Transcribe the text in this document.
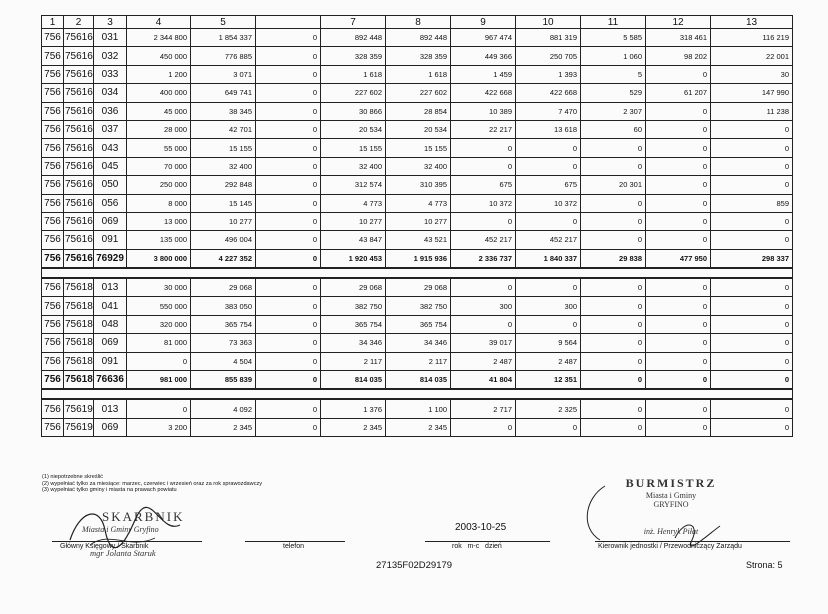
1	2	3	4	5		7	8	9	10	11	12	13
756	75616	031	2 344 800	1 854 337	0	892 448	892 448	967 474	881 319	5 585	318 461	116 219
756	75616	032	450 000	776 885	0	328 359	328 359	449 366	250 705	1 060	98 202	22 001
756	75616	033	1 200	3 071	0	1 618	1 618	1 459	1 393	5	0	30
756	75616	034	400 000	649 741	0	227 602	227 602	422 668	422 668	529	61 207	147 990
756	75616	036	45 000	38 345	0	30 866	28 854	10 389	7 470	2 307	0	11 238
756	75616	037	28 000	42 701	0	20 534	20 534	22 217	13 618	60	0	0
756	75616	043	55 000	15 155	0	15 155	15 155	0	0	0	0	0
756	75616	045	70 000	32 400	0	32 400	32 400	0	0	0	0	0
756	75616	050	250 000	292 848	0	312 574	310 395	675	675	20 301	0	0
756	75616	056	8 000	15 145	0	4 773	4 773	10 372	10 372	0	0	859
756	75616	069	13 000	10 277	0	10 277	10 277	0	0	0	0	0
756	75616	091	135 000	496 004	0	43 847	43 521	452 217	452 217	0	0	0
756	75616	76929	3 800 000	4 227 352	0	1 920 453	1 915 936	2 336 737	1 840 337	29 838	477 950	298 337

756	75618	013	30 000	29 068	0	29 068	29 068	0	0	0	0	0
756	75618	041	550 000	383 050	0	382 750	382 750	300	300	0	0	0
756	75618	048	320 000	365 754	0	365 754	365 754	0	0	0	0	0
756	75618	069	81 000	73 363	0	34 346	34 346	39 017	9 564	0	0	0
756	75618	091	0	4 504	0	2 117	2 117	2 487	2 487	0	0	0
756	75618	76636	981 000	855 839	0	814 035	814 035	41 804	12 351	0	0	0

756	75619	013	0	4 092	0	1 376	1 100	2 717	2 325	0	0	0
756	75619	069	3 200	2 345	0	2 345	2 345	0	0	0	0	0
(1) niepotrzebne skreślić
(2) wypełniać tylko za miesiące: marzec, czerwiec i wrzesień oraz za rok sprawozdawczy
(3) wypełniać tylko gminy i miasta na prawach powiatu
SKARBNIK
Miasta i Gminy Gryfino
mgr Jolanta Staruk
Główny Księgowy / Skarbnik	telefon
2003-10-25
rok   m-c   dzień
BURMISTRZ
Miasta i Gminy
GRYFINO
inż. Henryk Piłat
Kierownik jednostki / Przewodniczący Zarządu
27135F02D29179	Strona: 5
